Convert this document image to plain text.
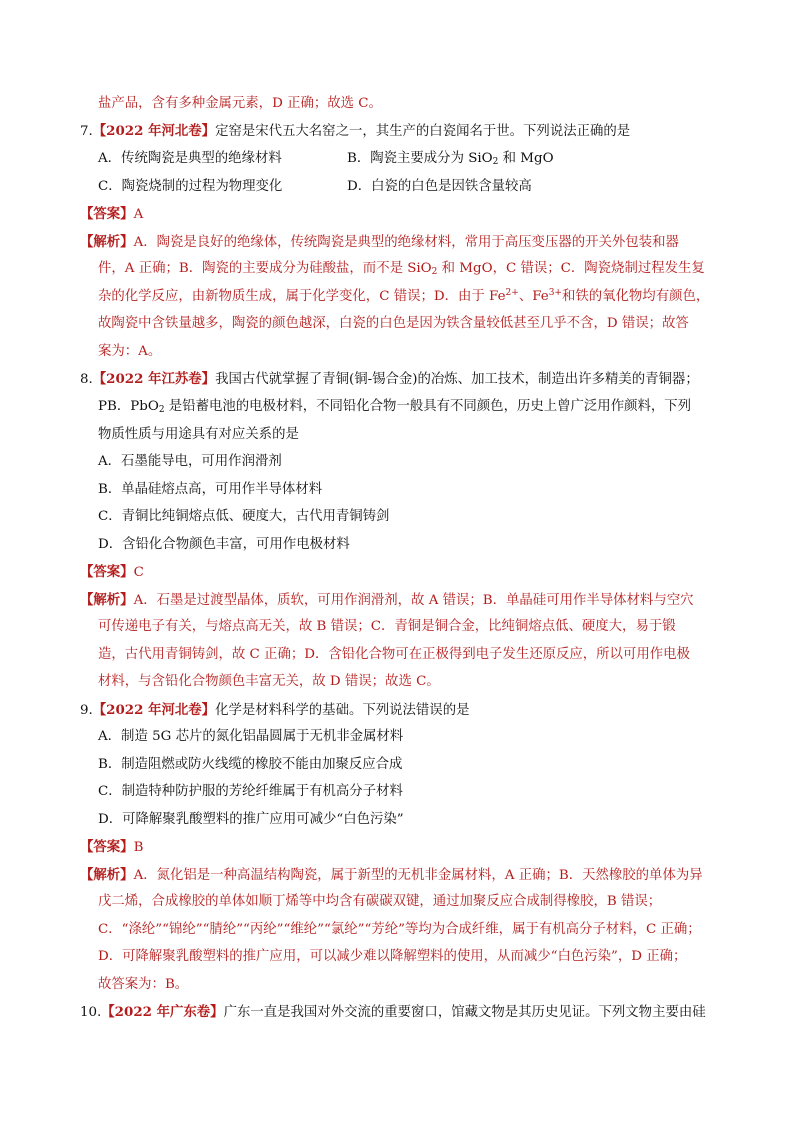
盐产品，含有多种金属元素，D 正确；故选 C。
7.【2022 年河北卷】定窑是宋代五大名窑之一，其生产的白瓷闻名于世。下列说法正确的是
A．传统陶瓷是典型的绝缘材料	B．陶瓷主要成分为 SiO$_2$ 和 MgO
C．陶瓷烧制的过程为物理变化	D．白瓷的白色是因铁含量较高
【答案】A
【解析】A．陶瓷是良好的绝缘体，传统陶瓷是典型的绝缘材料，常用于高压变压器的开关外包装和器
件，A 正确；B．陶瓷的主要成分为硅酸盐，而不是 SiO$_2$ 和 MgO，C 错误；C．陶瓷烧制过程发生复
杂的化学反应，由新物质生成，属于化学变化，C 错误；D．由于 $Fe^{2+}$、$Fe^{3+}$和铁的氧化物均有颜色，
故陶瓷中含铁量越多，陶瓷的颜色越深，白瓷的白色是因为铁含量较低甚至几乎不含，D 错误；故答
案为：A。
8.【2022 年江苏卷】我国古代就掌握了青铜(铜-锡合金)的冶炼、加工技术，制造出许多精美的青铜器；
PB．PbO$_2$ 是铅蓄电池的电极材料，不同铅化合物一般具有不同颜色，历史上曾广泛用作颜料，下列
物质性质与用途具有对应关系的是
A．石墨能导电，可用作润滑剂
B．单晶硅熔点高，可用作半导体材料
C．青铜比纯铜熔点低、硬度大，古代用青铜铸剑
D．含铅化合物颜色丰富，可用作电极材料
【答案】C
【解析】A．石墨是过渡型晶体，质软，可用作润滑剂，故 A 错误；B．单晶硅可用作半导体材料与空穴
可传递电子有关，与熔点高无关，故 B 错误；C．青铜是铜合金，比纯铜熔点低、硬度大，易于锻
造，古代用青铜铸剑，故 C 正确；D．含铅化合物可在正极得到电子发生还原反应，所以可用作电极
材料，与含铅化合物颜色丰富无关，故 D 错误；故选 C。
9.【2022 年河北卷】化学是材料科学的基础。下列说法错误的是
A．制造 5G 芯片的氮化铝晶圆属于无机非金属材料
B．制造阻燃或防火线缆的橡胶不能由加聚反应合成
C．制造特种防护服的芳纶纤维属于有机高分子材料
D．可降解聚乳酸塑料的推广应用可减少“白色污染”
【答案】B
【解析】A．氮化铝是一种高温结构陶瓷，属于新型的无机非金属材料，A 正确；B．天然橡胶的单体为异
戊二烯，合成橡胶的单体如顺丁烯等中均含有碳碳双键，通过加聚反应合成制得橡胶，B 错误；
C．“涤纶”“锦纶”“腈纶”“丙纶”“维纶”“氯纶”“芳纶”等均为合成纤维，属于有机高分子材料，C 正确；
D．可降解聚乳酸塑料的推广应用，可以减少难以降解塑料的使用，从而减少“白色污染”，D 正确；
故答案为：B。
10.【2022 年广东卷】广东一直是我国对外交流的重要窗口，馆藏文物是其历史见证。下列文物主要由硅
